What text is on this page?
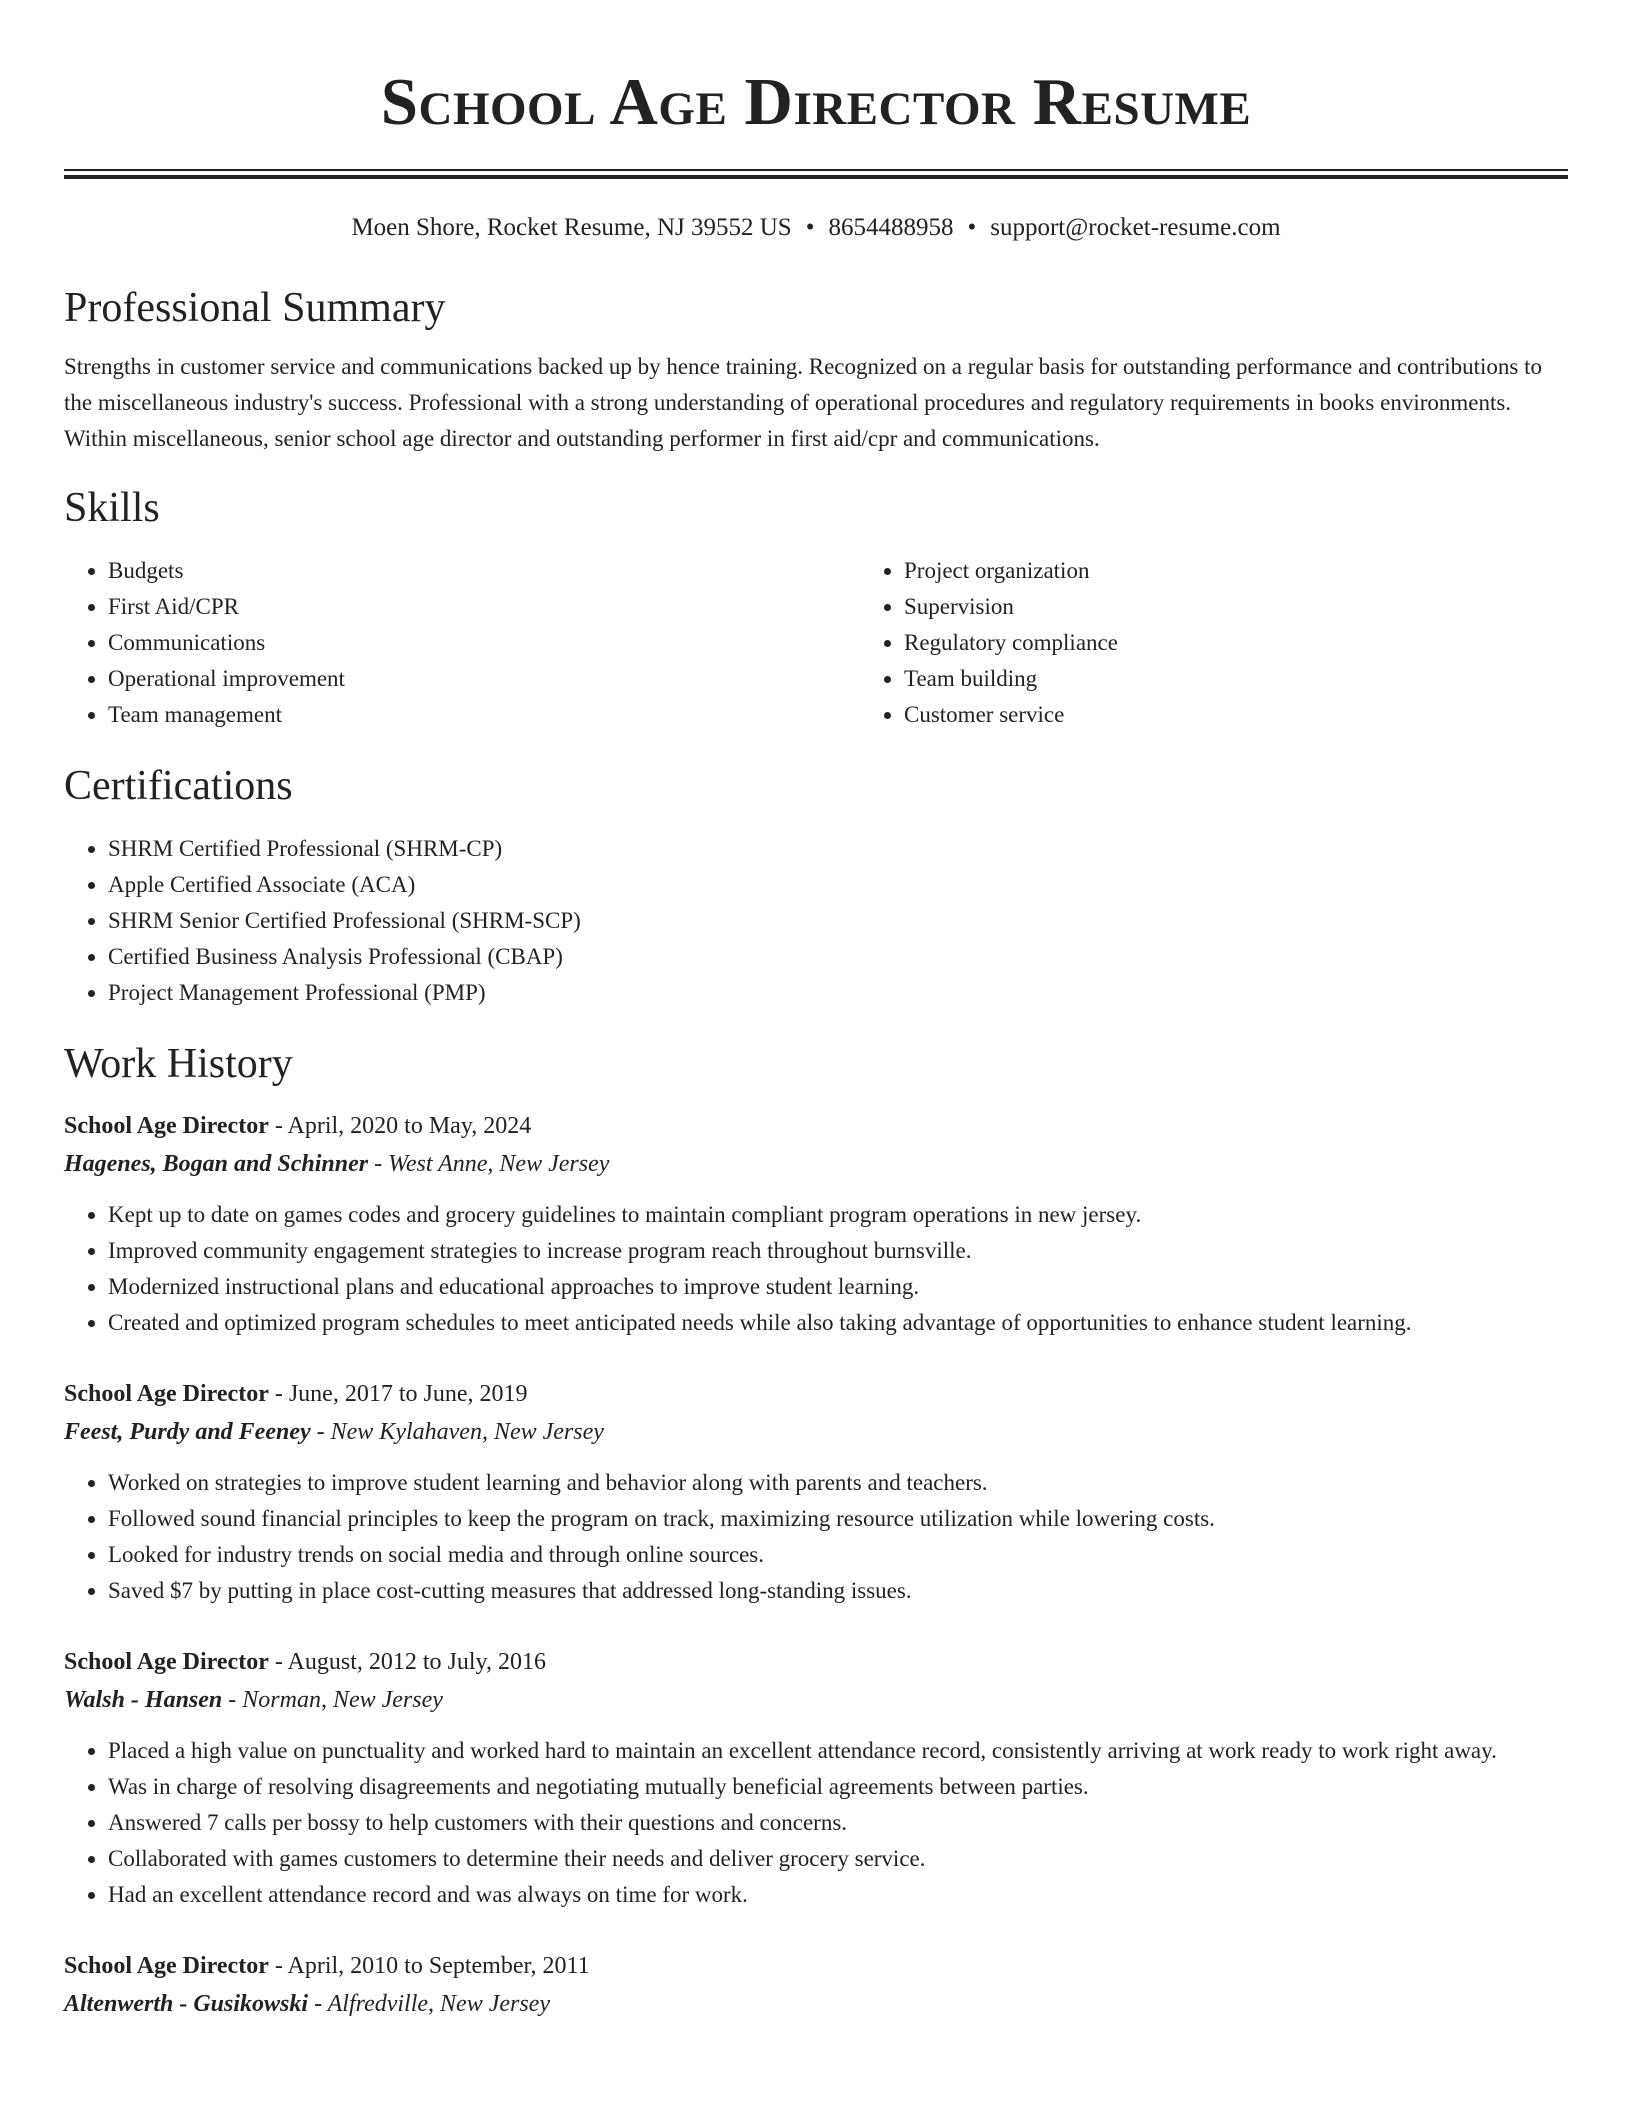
School Age Director Resume
Moen Shore, Rocket Resume, NJ 39552 US • 8654488958 • support@rocket-resume.com
Professional Summary
Strengths in customer service and communications backed up by hence training. Recognized on a regular basis for outstanding performance and contributions to the miscellaneous industry's success. Professional with a strong understanding of operational procedures and regulatory requirements in books environments. Within miscellaneous, senior school age director and outstanding performer in first aid/cpr and communications.
Skills
• Budgets
• First Aid/CPR
• Communications
• Operational improvement
• Team management
• Project organization
• Supervision
• Regulatory compliance
• Team building
• Customer service
Certifications
• SHRM Certified Professional (SHRM-CP)
• Apple Certified Associate (ACA)
• SHRM Senior Certified Professional (SHRM-SCP)
• Certified Business Analysis Professional (CBAP)
• Project Management Professional (PMP)
Work History
School Age Director - April, 2020 to May, 2024
Hagenes, Bogan and Schinner - West Anne, New Jersey
• Kept up to date on games codes and grocery guidelines to maintain compliant program operations in new jersey.
• Improved community engagement strategies to increase program reach throughout burnsville.
• Modernized instructional plans and educational approaches to improve student learning.
• Created and optimized program schedules to meet anticipated needs while also taking advantage of opportunities to enhance student learning.
School Age Director - June, 2017 to June, 2019
Feest, Purdy and Feeney - New Kylahaven, New Jersey
• Worked on strategies to improve student learning and behavior along with parents and teachers.
• Followed sound financial principles to keep the program on track, maximizing resource utilization while lowering costs.
• Looked for industry trends on social media and through online sources.
• Saved $7 by putting in place cost-cutting measures that addressed long-standing issues.
School Age Director - August, 2012 to July, 2016
Walsh - Hansen - Norman, New Jersey
• Placed a high value on punctuality and worked hard to maintain an excellent attendance record, consistently arriving at work ready to work right away.
• Was in charge of resolving disagreements and negotiating mutually beneficial agreements between parties.
• Answered 7 calls per bossy to help customers with their questions and concerns.
• Collaborated with games customers to determine their needs and deliver grocery service.
• Had an excellent attendance record and was always on time for work.
School Age Director - April, 2010 to September, 2011
Altenwerth - Gusikowski - Alfredville, New Jersey
